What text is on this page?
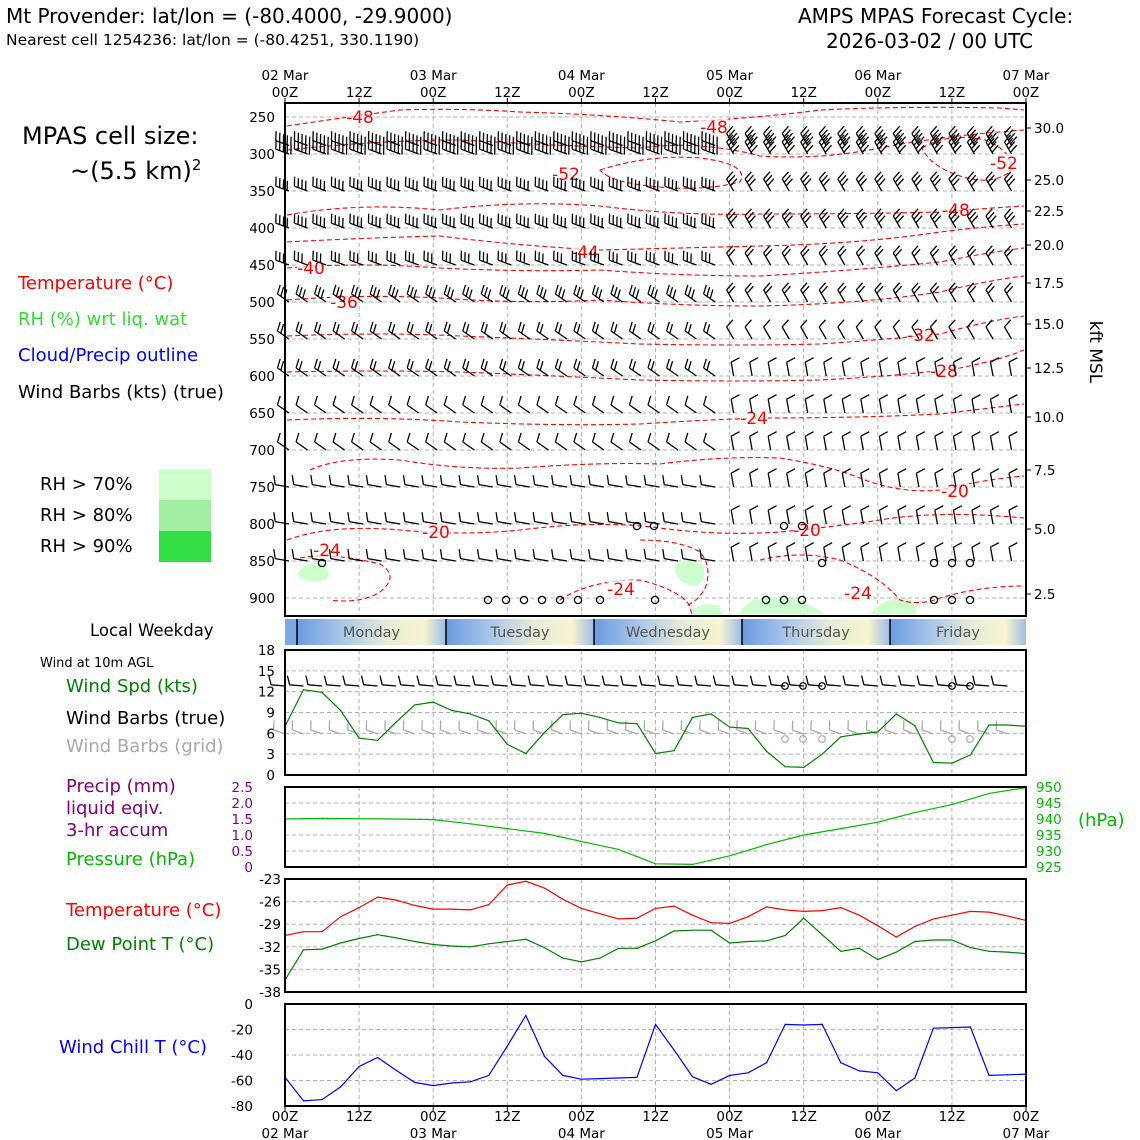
Mt Provender: lat/lon = (-80.4000, -29.9000)
Nearest cell 1254236: lat/lon = (-80.4251, 330.1190)
AMPS MPAS Forecast Cycle:
2026-03-02 / 00 UTC
MPAS cell size:
~(5.5 km)$^2$
Temperature (°C)
RH (%) wrt liq. wat
Cloud/Precip outline
Wind Barbs (kts) (true)
RH > 70%
RH > 80%
RH > 90%
Local Weekday
Wind at 10m AGL
Wind Spd (kts)
Wind Barbs (true)
Wind Barbs (grid)
Precip (mm)
liquid eqiv.
3-hr accum
Pressure (hPa)
Temperature (°C)
Dew Point T (°C)
Wind Chill T (°C)
-48	-48
-52
-52
-48
-44
-40
-36
-32
-28
-24
-20
-20	-20
-24
-24	-24
250
300
350
400
450
500
550
600
650
700
750
800
850
900
30.0
25.0
22.5
20.0
17.5
15.0
12.5
10.0
7.5
5.0
2.5
kft MSL
00Z	12Z	00Z	12Z	00Z	12Z	00Z	12Z	00Z	12Z	00Z
02 Mar	03 Mar	04 Mar	05 Mar	06 Mar	07 Mar
Monday	Tuesday	Wednesday	Thursday	Friday
0
3
6
9
12
15
18
0
0.5
1.0
1.5
2.0
2.5
925
930
935
940
945
950
(hPa)
-23
-26
-29
-32
-35
-38
0
-20
-40
-60
-80
00Z	12Z	00Z	12Z	00Z	12Z	00Z	12Z	00Z	12Z	00Z
02 Mar	03 Mar	04 Mar	05 Mar	06 Mar	07 Mar
